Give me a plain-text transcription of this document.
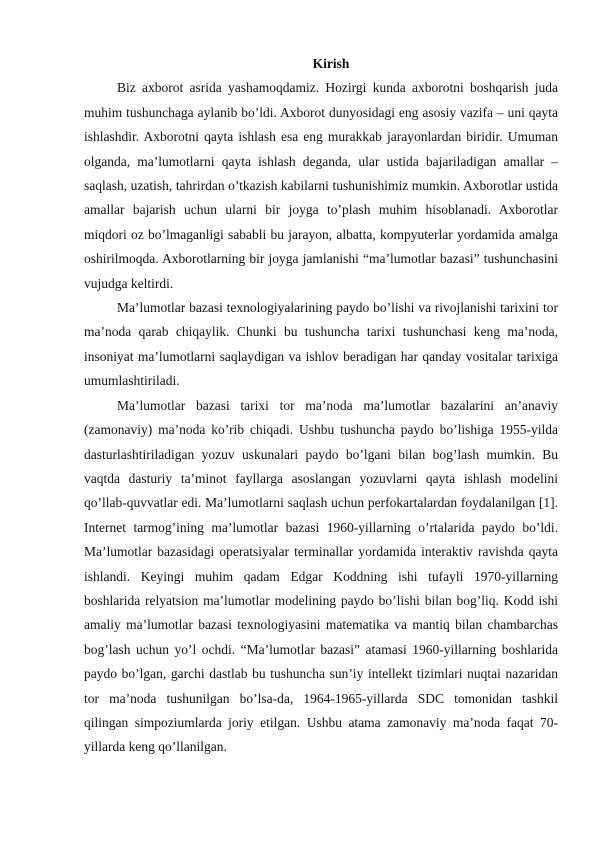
Kirish

Biz axborot asrida yashamoqdamiz. Hozirgi kunda axborotni boshqarish juda muhim tushunchaga aylanib bo’ldi. Axborot dunyosidagi eng asosiy vazifa – uni qayta ishlashdir. Axborotni qayta ishlash esa eng murakkab jarayonlardan biridir. Umuman olganda, ma’lumotlarni qayta ishlash deganda, ular ustida bajariladigan amallar – saqlash, uzatish, tahrirdan o’tkazish kabilarni tushunishimiz mumkin. Axborotlar ustida amallar bajarish uchun ularni bir joyga to’plash muhim hisoblanadi. Axborotlar miqdori oz bo’lmaganligi sababli bu jarayon, albatta, kompyuterlar yordamida amalga oshirilmoqda. Axborotlarning bir joyga jamlanishi “ma’lumotlar bazasi” tushunchasini vujudga keltirdi.

Ma’lumotlar bazasi texnologiyalarining paydo bo’lishi va rivojlanishi tarixini tor ma’noda qarab chiqaylik. Chunki bu tushuncha tarixi tushunchasi keng ma’noda, insoniyat ma’lumotlarni saqlaydigan va ishlov beradigan har qanday vositalar tarixiga umumlashtiriladi.

Ma’lumotlar bazasi tarixi tor ma’noda ma’lumotlar bazalarini an’anaviy (zamonaviy) ma’noda ko’rib chiqadi. Ushbu tushuncha paydo bo’lishiga 1955-yilda dasturlashtiriladigan yozuv uskunalari paydo bo’lgani bilan bog’lash mumkin. Bu vaqtda dasturiy ta’minot fayllarga asoslangan yozuvlarni qayta ishlash modelini qo’llab-quvvatlar edi. Ma’lumotlarni saqlash uchun perfokartalardan foydalanilgan [1]. Internet tarmog’ining ma’lumotlar bazasi 1960-yillarning o’rtalarida paydo bo’ldi. Ma’lumotlar bazasidagi operatsiyalar terminallar yordamida interaktiv ravishda qayta ishlandi. Keyingi muhim qadam Edgar Koddning ishi tufayli 1970-yillarning boshlarida relyatsion ma’lumotlar modelining paydo bo’lishi bilan bog’liq. Kodd ishi amaliy ma’lumotlar bazasi texnologiyasini matematika va mantiq bilan chambarchas bog’lash uchun yo’l ochdi. “Ma’lumotlar bazasi” atamasi 1960-yillarning boshlarida paydo bo’lgan, garchi dastlab bu tushuncha sun’iy intellekt tizimlari nuqtai nazaridan tor ma’noda tushunilgan bo’lsa-da, 1964-1965-yillarda SDC tomonidan tashkil qilingan simpoziumlarda joriy etilgan. Ushbu atama zamonaviy ma’noda faqat 70-yillarda keng qo’llanilgan.
